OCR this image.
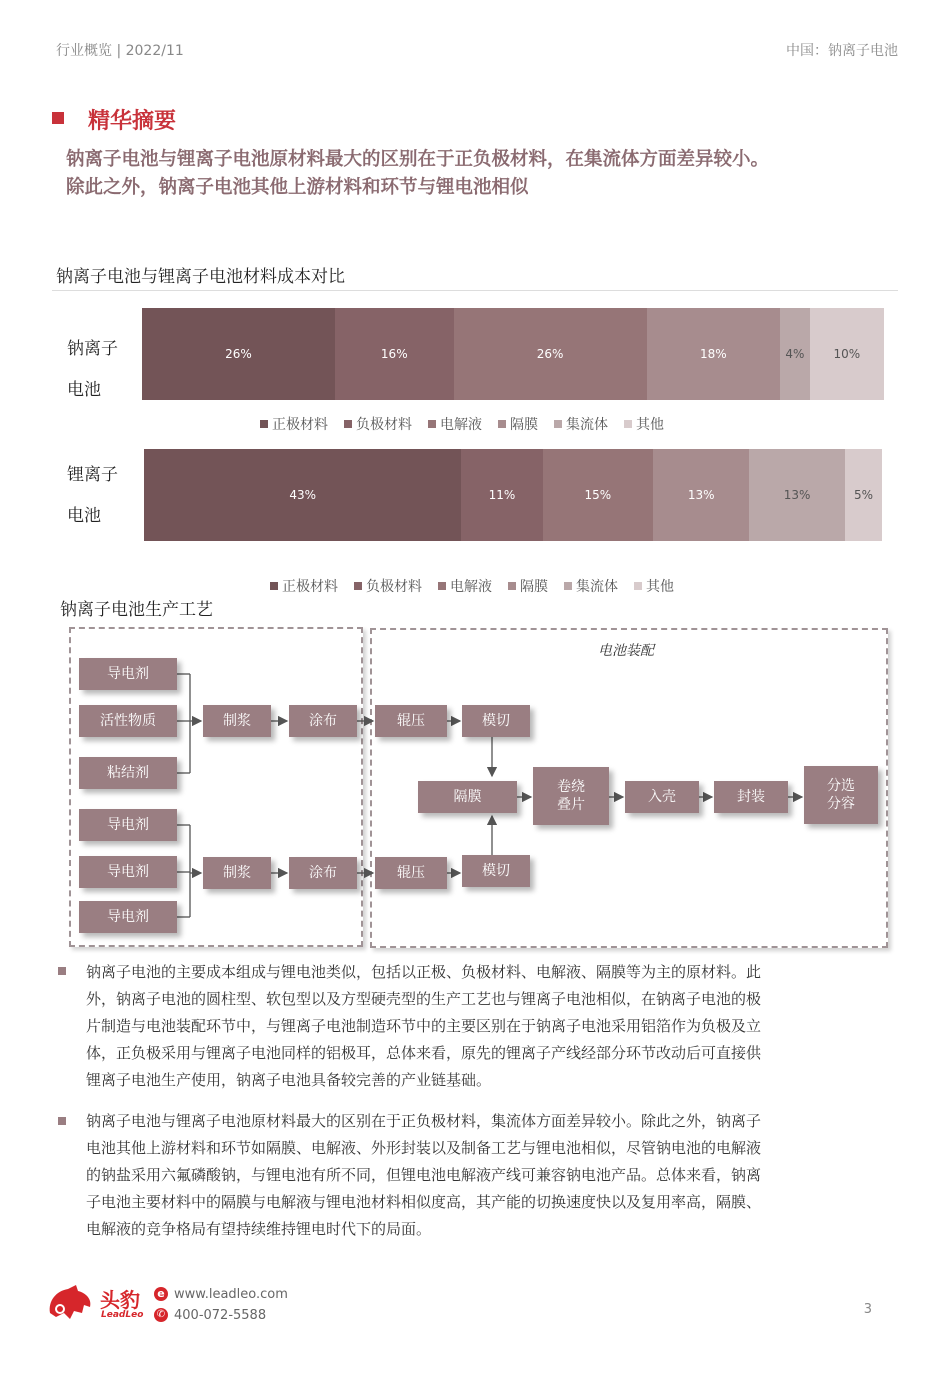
行业概览 | 2022/11	中国：钠离子电池
精华摘要
钠离子电池与锂离子电池原材料最大的区别在于正负极材料，在集流体方面差异较小。
除此之外，钠离子电池其他上游材料和环节与锂电池相似
钠离子电池与锂离子电池材料成本对比
钠离子
电池
26%	16%	26%	18%	4% 10%
正极材料 负极材料 电解液 隔膜 集流体 其他
锂离子
电池
43%	11%	15%	13%	13%	5%
正极材料 负极材料 电解液 隔膜 集流体 其他
钠离子电池生产工艺
电池装配
导电剂
活性物质
粘结剂
制浆	涂布	辊压	模切
导电剂
导电剂
导电剂
制浆	涂布	辊压	模切
隔膜
卷绕
叠片	入壳	封装
分选
分容
钠离子电池的主要成本组成与锂电池类似，包括以正极、负极材料、电解液、隔膜等为主的原材料。此
外，钠离子电池的圆柱型、软包型以及方型硬壳型的生产工艺也与锂离子电池相似，在钠离子电池的极
片制造与电池装配环节中，与锂离子电池制造环节中的主要区别在于钠离子电池采用铝箔作为负极及立
体，正负极采用与锂离子电池同样的铝极耳，总体来看，原先的锂离子产线经部分环节改动后可直接供
锂离子电池生产使用，钠离子电池具备较完善的产业链基础。
钠离子电池与锂离子电池原材料最大的区别在于正负极材料，集流体方面差异较小。除此之外，钠离子
电池其他上游材料和环节如隔膜、电解液、外形封装以及制备工艺与锂电池相似，尽管钠电池的电解液
的钠盐采用六氟磷酸钠，与锂电池有所不同，但锂电池电解液产线可兼容钠电池产品。总体来看，钠离
子电池主要材料中的隔膜与电解液与锂电池材料相似度高，其产能的切换速度快以及复用率高，隔膜、
电解液的竞争格局有望持续维持锂电时代下的局面。
头豹
LeadLeo
e www.leadleo.com
✆ 400-072-5588	3
